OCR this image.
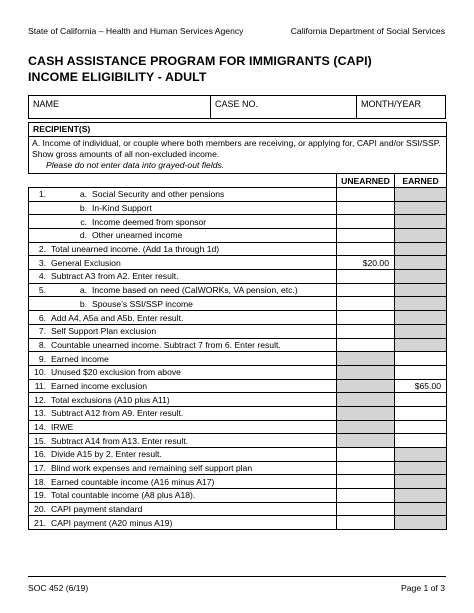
State of California – Health and Human Services Agency	California Department of Social Services
CASH ASSISTANCE PROGRAM FOR IMMIGRANTS (CAPI)
INCOME ELIGIBILITY - ADULT
NAME	CASE NO.	MONTH/YEAR
RECIPIENT(S)		
A. Income of individual, or couple where both members are receiving, or applying for, CAPI and/or SSI/SSP. Show gross amounts of all non-excluded income.
Please do not enter data into grayed-out fields.		
	UNEARNED	EARNED
1. a. Social Security and other pensions		
b. In-Kind Support		
c. Income deemed from sponsor		
d. Other unearned income		
2. Total unearned income. (Add 1a through 1d)		
3. General Exclusion	$20.00	
4. Subtract A3 from A2. Enter result.		
5. a. Income based on need (CalWORKs, VA pension, etc.)		
b. Spouse’s SSI/SSP income		
6. Add A4, A5a and A5b. Enter result.		
7. Self Support Plan exclusion		
8. Countable unearned income. Subtract 7 from 6. Enter result.		
9. Earned income		
10. Unused $20 exclusion from above		
11. Earned income exclusion		$65.00
12. Total exclusions (A10 plus A11)		
13. Subtract A12 from A9. Enter result.		
14. IRWE		
15. Subtract A14 from A13. Enter result.		
16. Divide A15 by 2. Enter result.		
17. Blind work expenses and remaining self support plan		
18. Earned countable income (A16 minus A17)		
19. Total countable income (A8 plus A18).		
20. CAPI payment standard		
21. CAPI payment (A20 minus A19)		
SOC 452 (6/19)	Page 1 of 3
